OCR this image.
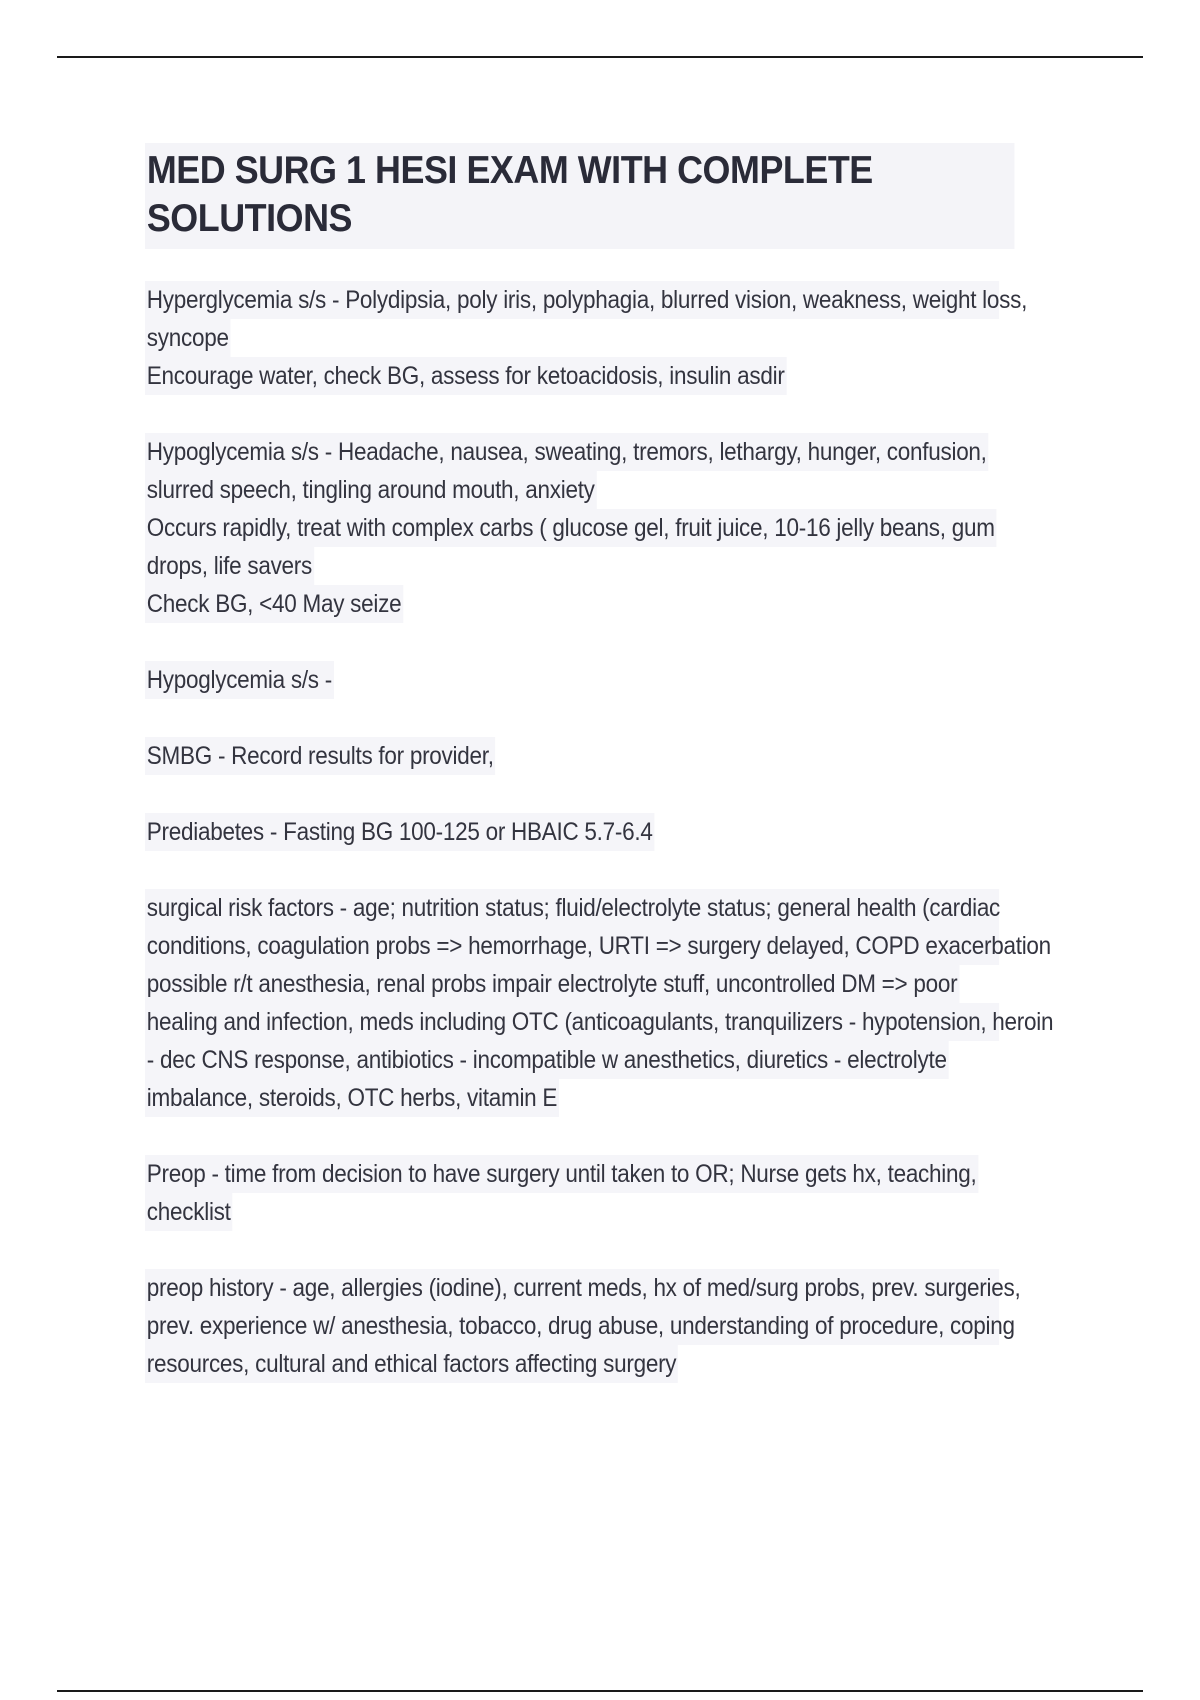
MED SURG 1 HESI EXAM WITH COMPLETE SOLUTIONS
Hyperglycemia s/s - Polydipsia, poly iris, polyphagia, blurred vision, weakness, weight loss,
syncope
Encourage water, check BG, assess for ketoacidosis, insulin asdir
Hypoglycemia s/s - Headache, nausea, sweating, tremors, lethargy, hunger, confusion,
slurred speech, tingling around mouth, anxiety
Occurs rapidly, treat with complex carbs ( glucose gel, fruit juice, 10-16 jelly beans, gum
drops, life savers
Check BG, <40 May seize
Hypoglycemia s/s -
SMBG - Record results for provider,
Prediabetes - Fasting BG 100-125 or HBAIC 5.7-6.4
surgical risk factors - age; nutrition status; fluid/electrolyte status; general health (cardiac
conditions, coagulation probs => hemorrhage, URTI => surgery delayed, COPD exacerbation
possible r/t anesthesia, renal probs impair electrolyte stuff, uncontrolled DM => poor
healing and infection, meds including OTC (anticoagulants, tranquilizers - hypotension, heroin
- dec CNS response, antibiotics - incompatible w anesthetics, diuretics - electrolyte
imbalance, steroids, OTC herbs, vitamin E
Preop - time from decision to have surgery until taken to OR; Nurse gets hx, teaching,
checklist
preop history - age, allergies (iodine), current meds, hx of med/surg probs, prev. surgeries,
prev. experience w/ anesthesia, tobacco, drug abuse, understanding of procedure, coping
resources, cultural and ethical factors affecting surgery
